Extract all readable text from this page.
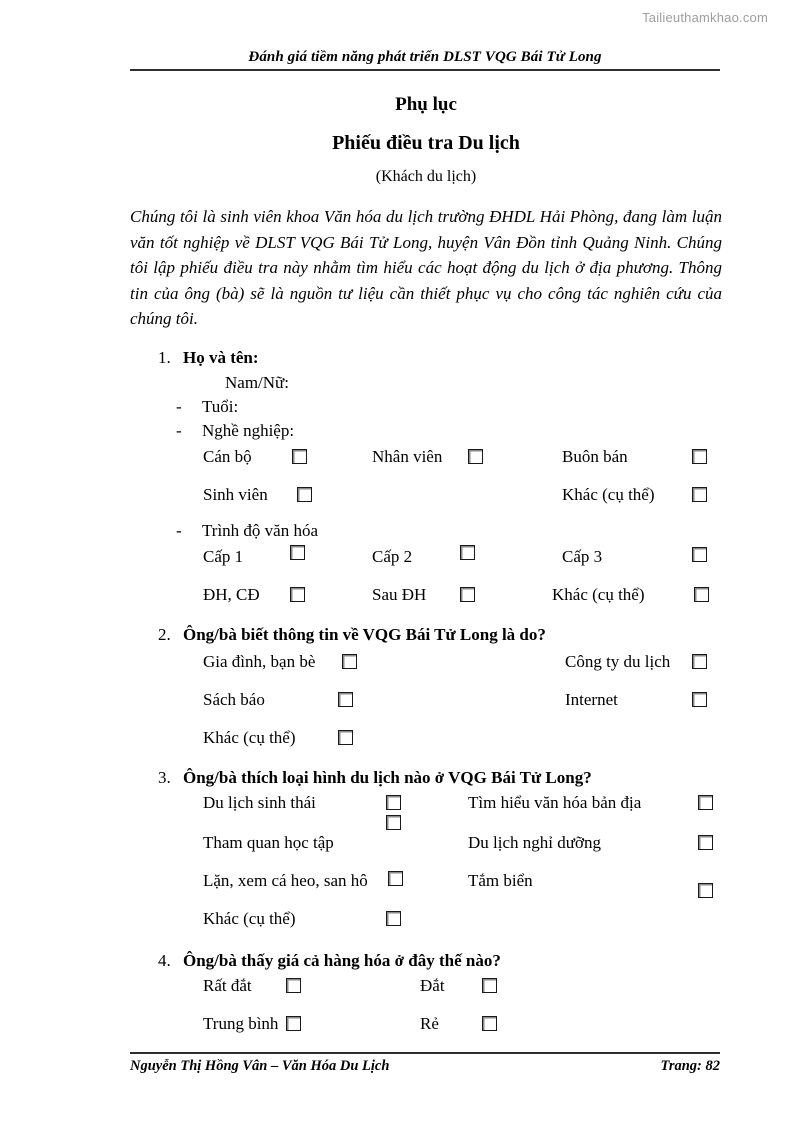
Tailieuthamkhao.com
Đánh giá tiềm năng phát triển DLST VQG Bái Tử Long
Phụ lục
Phiếu điều tra Du lịch
(Khách du lịch)

Chúng tôi là sinh viên khoa Văn hóa du lịch trường ĐHDL Hải Phòng, đang làm luận văn tốt nghiệp về DLST VQG Bái Tử Long, huyện Vân Đồn tỉnh Quảng Ninh. Chúng tôi lập phiếu điều tra này nhằm tìm hiểu các hoạt động du lịch ở địa phương. Thông tin của ông (bà) sẽ là nguồn tư liệu cần thiết phục vụ cho công tác nghiên cứu của chúng tôi.

1. Họ và tên:
Nam/Nữ:
- Tuổi:
- Nghề nghiệp:
Cán bộ	Nhân viên	Buôn bán
Sinh viên	Khác (cụ thể)
- Trình độ văn hóa
Cấp 1	Cấp 2	Cấp 3
ĐH, CĐ	Sau ĐH	Khác (cụ thể)
2. Ông/bà biết thông tin về VQG Bái Tử Long là do?
Gia đình, bạn bè	Công ty du lịch
Sách báo	Internet
Khác (cụ thể)
3. Ông/bà thích loại hình du lịch nào ở VQG Bái Tử Long?
Du lịch sinh thái	Tìm hiểu văn hóa bản địa
Tham quan học tập	Du lịch nghỉ dưỡng
Lặn, xem cá heo, san hô	Tắm biển
Khác (cụ thể)
4. Ông/bà thấy giá cả hàng hóa ở đây thế nào?
Rất đắt	Đắt
Trung bình	Rẻ
Nguyễn Thị Hồng Vân – Văn Hóa Du Lịch	Trang: 82
